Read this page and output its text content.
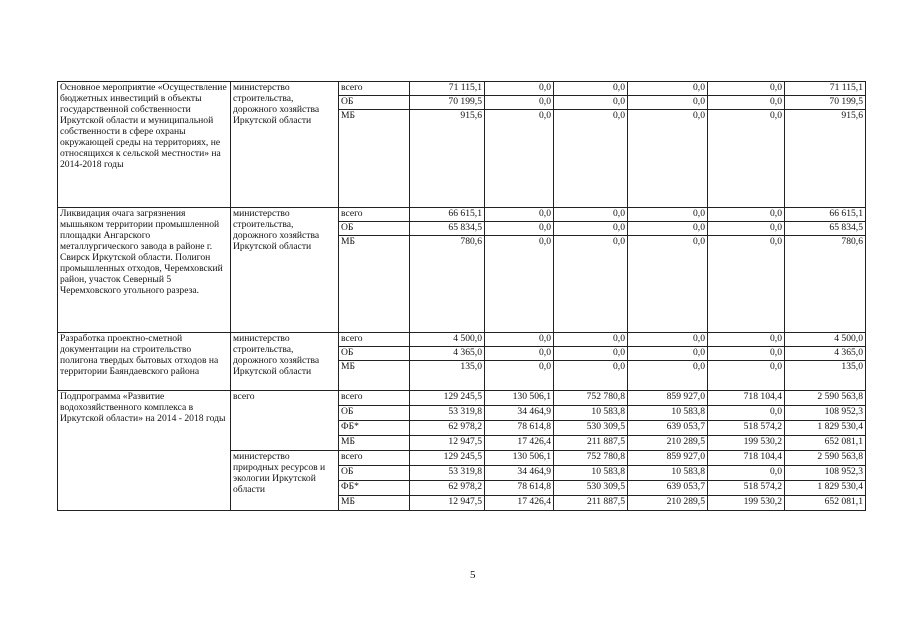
Основное мероприятие «Осуществление бюджетных инвестиций в объекты государственной собственности Иркутской области и муниципальной собственности в сфере охраны окружающей среды на территориях, не относящихся к сельской местности» на 2014-2018 годы	министерство строительства, дорожного хозяйства Иркутской области	всего	71 115,1	0,0	0,0	0,0	0,0	71 115,1
		ОБ	70 199,5	0,0	0,0	0,0	0,0	70 199,5
		МБ	915,6	0,0	0,0	0,0	0,0	915,6
Ликвидация очага загрязнения мышьяком территории промышленной площадки Ангарского металлургического завода в районе г. Свирск Иркутской области. Полигон промышленных отходов, Черемховский район, участок Северный 5 Черемховского угольного разреза.	министерство строительства, дорожного хозяйства Иркутской области	всего	66 615,1	0,0	0,0	0,0	0,0	66 615,1
		ОБ	65 834,5	0,0	0,0	0,0	0,0	65 834,5
		МБ	780,6	0,0	0,0	0,0	0,0	780,6
Разработка проектно-сметной документации на строительство полигона твердых бытовых отходов на территории Баяндаевского района	министерство строительства, дорожного хозяйства Иркутской области	всего	4 500,0	0,0	0,0	0,0	0,0	4 500,0
		ОБ	4 365,0	0,0	0,0	0,0	0,0	4 365,0
		МБ	135,0	0,0	0,0	0,0	0,0	135,0
Подпрограмма «Развитие водохозяйственного комплекса в Иркутской области» на 2014 - 2018 годы	всего	всего	129 245,5	130 506,1	752 780,8	859 927,0	718 104,4	2 590 563,8
		ОБ	53 319,8	34 464,9	10 583,8	10 583,8	0,0	108 952,3
		ФБ*	62 978,2	78 614,8	530 309,5	639 053,7	518 574,2	1 829 530,4
		МБ	12 947,5	17 426,4	211 887,5	210 289,5	199 530,2	652 081,1
	министерство природных ресурсов и экологии Иркутской области	всего	129 245,5	130 506,1	752 780,8	859 927,0	718 104,4	2 590 563,8
		ОБ	53 319,8	34 464,9	10 583,8	10 583,8	0,0	108 952,3
		ФБ*	62 978,2	78 614,8	530 309,5	639 053,7	518 574,2	1 829 530,4
		МБ	12 947,5	17 426,4	211 887,5	210 289,5	199 530,2	652 081,1
5
